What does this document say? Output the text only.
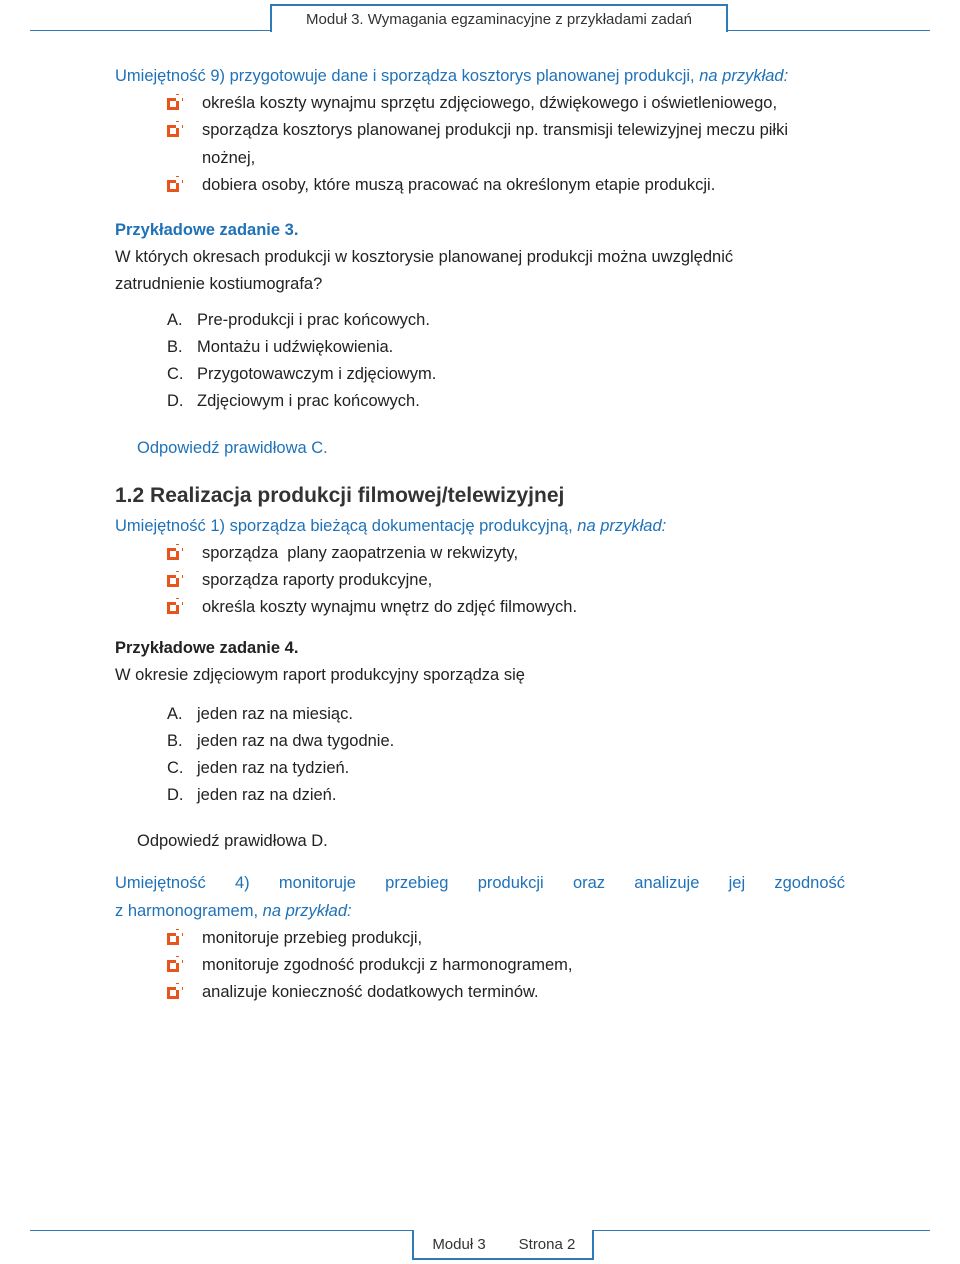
Moduł 3. Wymagania egzaminacyjne z przykładami zadań
Umiejętność 9) przygotowuje dane i sporządza kosztorys planowanej produkcji, na przykład:
określa koszty wynajmu sprzętu zdjęciowego, dźwiękowego i oświetleniowego,
sporządza kosztorys planowanej produkcji np. transmisji telewizyjnej meczu piłki
nożnej,
dobiera osoby, które muszą pracować na określonym etapie produkcji.
Przykładowe zadanie 3.
W których okresach produkcji w kosztorysie planowanej produkcji można uwzględnić
zatrudnienie kostiumografa?
A. Pre-produkcji i prac końcowych.
B. Montażu i udźwiękowienia.
C. Przygotowawczym i zdjęciowym.
D. Zdjęciowym i prac końcowych.
Odpowiedź prawidłowa C.
1.2 Realizacja produkcji filmowej/telewizyjnej
Umiejętność 1) sporządza bieżącą dokumentację produkcyjną, na przykład:
sporządza  plany zaopatrzenia w rekwizyty,
sporządza raporty produkcyjne,
określa koszty wynajmu wnętrz do zdjęć filmowych.
Przykładowe zadanie 4.
W okresie zdjęciowym raport produkcyjny sporządza się
A. jeden raz na miesiąc.
B. jeden raz na dwa tygodnie.
C. jeden raz na tydzień.
D. jeden raz na dzień.
Odpowiedź prawidłowa D.
Umiejętność 4) monitoruje przebieg produkcji oraz analizuje jej zgodność
z harmonogramem, na przykład:
monitoruje przebieg produkcji,
monitoruje zgodność produkcji z harmonogramem,
analizuje konieczność dodatkowych terminów.
Moduł 3	Strona 2
